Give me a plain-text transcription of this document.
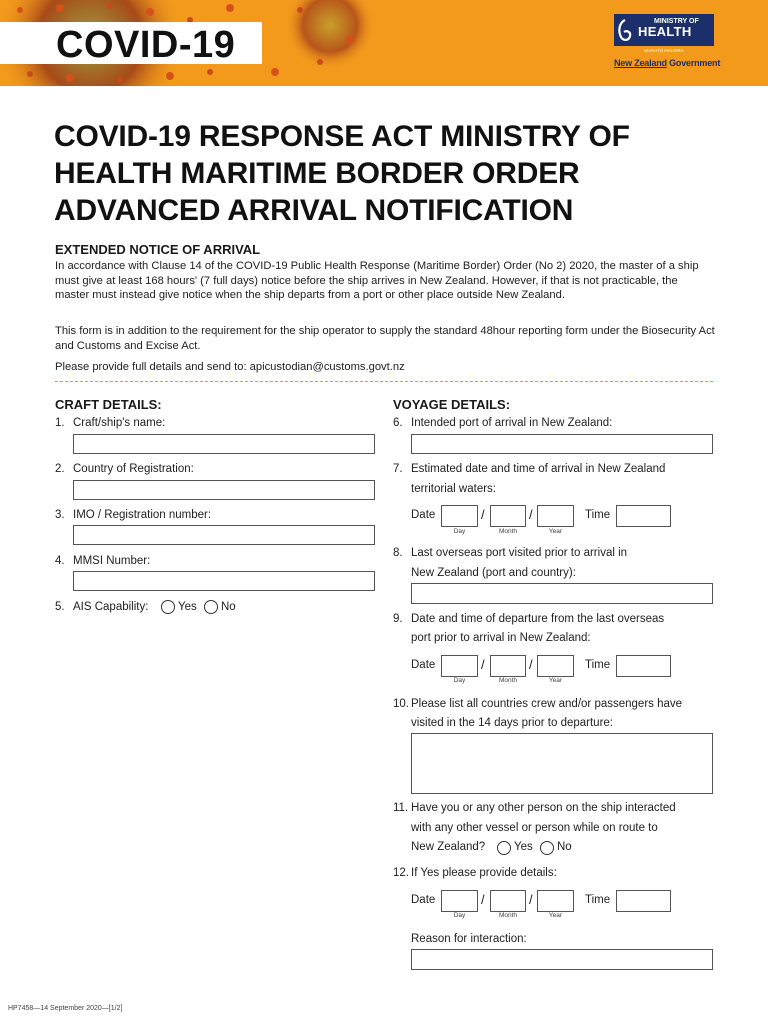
COVID-19
MINISTRY OF
HEALTH
MANATŪ HAUORA
New Zealand Government
COVID-19 RESPONSE ACT MINISTRY OF HEALTH MARITIME BORDER ORDER ADVANCED ARRIVAL NOTIFICATION
EXTENDED NOTICE OF ARRIVAL
In accordance with Clause 14 of the COVID-19 Public Health Response (Maritime Border) Order (No 2) 2020, the master of a ship must give at least 168 hours' (7 full days) notice before the ship arrives in New Zealand. However, if that is not practicable, the master must instead give notice when the ship departs from a port or other place outside New Zealand.
This form is in addition to the requirement for the ship operator to supply the standard 48hour reporting form under the Biosecurity Act and Customs and Excise Act.
Please provide full details and send to: apicustodian@customs.govt.nz
CRAFT DETAILS:
1. Craft/ship's name:
2. Country of Registration:
3. IMO / Registration number:
4. MMSI Number:
5. AIS Capability:	Yes No
VOYAGE DETAILS:
6. Intended port of arrival in New Zealand:
7. Estimated date and time of arrival in New Zealand
territorial waters:
Date	/	/
Day	Month	Year
Time
8. Last overseas port visited prior to arrival in
New Zealand (port and country):
9. Date and time of departure from the last overseas
port prior to arrival in New Zealand:
Date	/	/
Day	Month	Year
Time
10. Please list all countries crew and/or passengers have
visited in the 14 days prior to departure:
11. Have you or any other person on the ship interacted
with any other vessel or person while on route to
New Zealand?	Yes No
12. If Yes please provide details:
Date	/	/
Day	Month	Year
Time
Reason for interaction:
HP7458—14 September 2020—[1/2]
